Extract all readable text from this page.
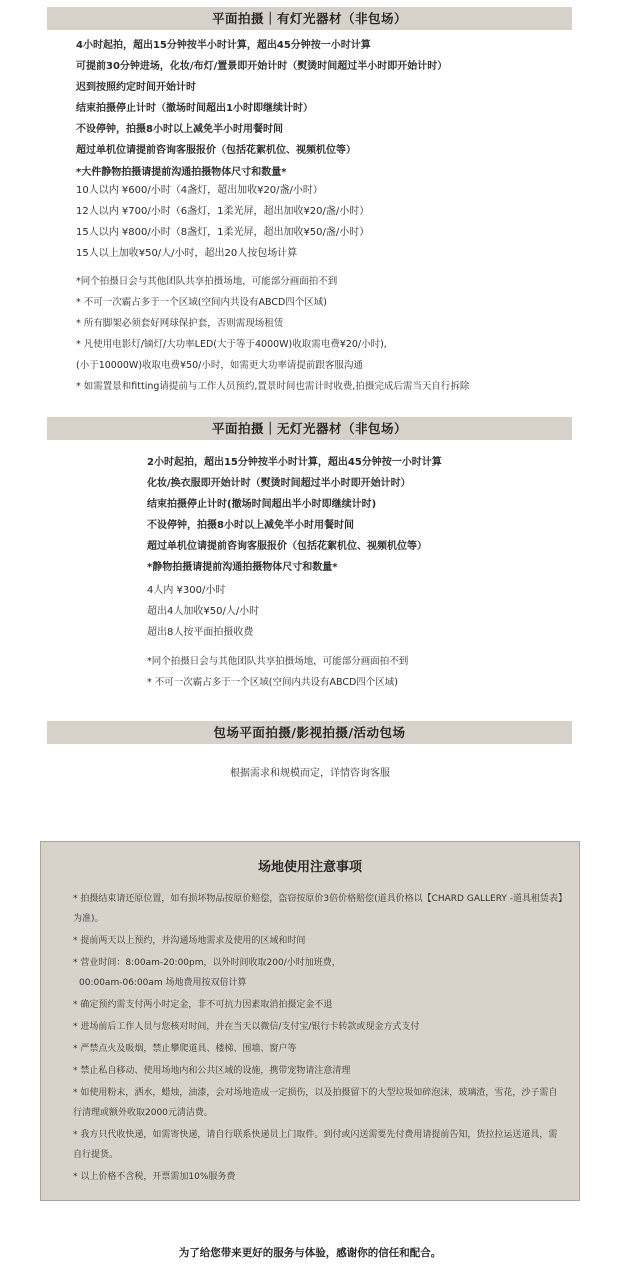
平面拍摄｜有灯光器材（非包场）
4小时起拍，超出15分钟按半小时计算，超出45分钟按一小时计算
可提前30分钟进场，化妆/布灯/置景即开始计时（熨烫时间超过半小时即开始计时）
迟到按照约定时间开始计时
结束拍摄停止计时（撤场时间超出1小时即继续计时）
不设停钟，拍摄8小时以上减免半小时用餐时间
超过单机位请提前咨询客服报价（包括花絮机位、视频机位等）
*大件静物拍摄请提前沟通拍摄物体尺寸和数量*
10人以内 ¥600/小时（4盏灯，超出加收¥20/盏/小时）
12人以内 ¥700/小时（6盏灯，1柔光屏，超出加收¥20/盏/小时）
15人以内 ¥800/小时（8盏灯，1柔光屏，超出加收¥50/盏/小时）
15人以上加收¥50/人/小时，超出20人按包场计算
*同个拍摄日会与其他团队共享拍摄场地，可能部分画面拍不到
* 不可一次霸占多于一个区域(空间内共设有ABCD四个区域)
* 所有脚架必须套好网球保护套，否则需现场租赁
* 凡使用电影灯/镝灯/大功率LED(大于等于4000W)收取需电费¥20/小时),
(小于10000W)收取电费¥50/小时，如需更大功率请提前跟客服沟通
* 如需置景和fitting请提前与工作人员预约,置景时间也需计时收费,拍摄完成后需当天自行拆除
平面拍摄｜无灯光器材（非包场）
2小时起拍，超出15分钟按半小时计算，超出45分钟按一小时计算
化妆/换衣服即开始计时（熨烫时间超过半小时即开始计时）
结束拍摄停止计时(撤场时间超出半小时即继续计时)
不设停钟，拍摄8小时以上减免半小时用餐时间
超过单机位请提前咨询客服报价（包括花絮机位、视频机位等）
*静物拍摄请提前沟通拍摄物体尺寸和数量*
4人内 ¥300/小时
超出4人加收¥50/人/小时
超出8人按平面拍摄收费
*同个拍摄日会与其他团队共享拍摄场地，可能部分画面拍不到
* 不可一次霸占多于一个区域(空间内共设有ABCD四个区域)
包场平面拍摄/影视拍摄/活动包场
根据需求和规模而定，详情咨询客服
场地使用注意事项
* 拍摄结束请还原位置，如有损坏物品按原价赔偿，盗窃按原价3倍价格赔偿(道具价格以【CHARD GALLERY -道具租赁表】为准)。
* 提前两天以上预约，并沟通场地需求及使用的区域和时间
* 营业时间：8:00am-20:00pm，以外时间收取200/小时加班费，
00:00am-06:00am 场地费用按双倍计算
* 确定预约需支付两小时定金，非不可抗力因素取消拍摄定金不退
* 进场前后工作人员与您核对时间，并在当天以微信/支付宝/银行卡转款或现金方式支付
* 严禁点火及吸烟，禁止攀爬道具、楼梯、围墙、窗户等
* 禁止私自移动、使用场地内和公共区域的设施，携带宠物请注意清理
* 如使用粉末，洒水，蜡烛，油漆，会对场地造成一定损伤，以及拍摄留下的大型垃圾如碎泡沫，玻璃渣，雪花，沙子需自行清理或额外收取2000元清洁费。
* 我方只代收快递，如需寄快递，请自行联系快递员上门取件。到付或闪送需要先付费用请提前告知，货拉拉运送道具，需自行提货。
* 以上价格不含税，开票需加10%服务费
为了给您带来更好的服务与体验，感谢你的信任和配合。
